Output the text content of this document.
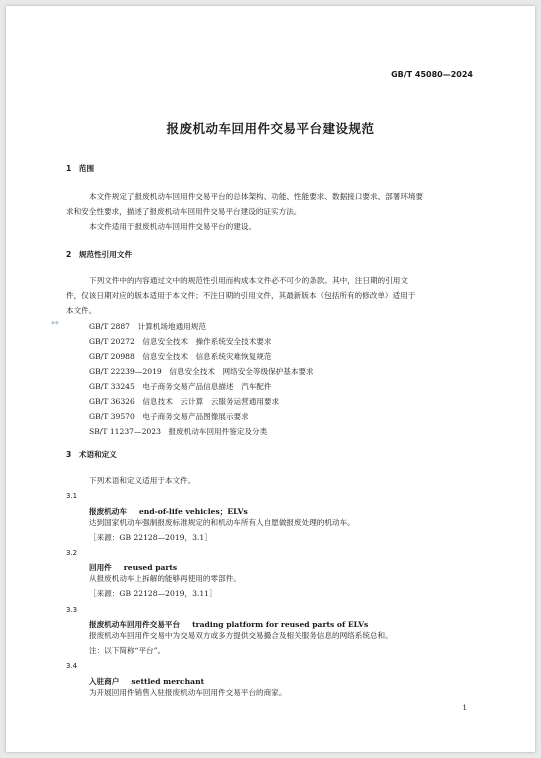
GB/T 45080—2024
报废机动车回用件交易平台建设规范
1　范围
本文件规定了报废机动车回用件交易平台的总体架构、功能、性能要求、数据接口要求、部署环境要
求和安全性要求，描述了报废机动车回用件交易平台建设的证实方法。
本文件适用于报废机动车回用件交易平台的建设。
2　规范性引用文件
下列文件中的内容通过文中的规范性引用而构成本文件必不可少的条款。其中，注日期的引用文
件，仅该日期对应的版本适用于本文件；不注日期的引用文件，其最新版本（包括所有的修改单）适用于
本文件。
◆◆	GB/T 2887　计算机场地通用规范
GB/T 20272　信息安全技术　操作系统安全技术要求
GB/T 20988　信息安全技术　信息系统灾难恢复规范
GB/T 22239—2019　信息安全技术　网络安全等级保护基本要求
GB/T 33245　电子商务交易产品信息描述　汽车配件
GB/T 36326　信息技术　云计算　云服务运营通用要求
GB/T 39570　电子商务交易产品图像展示要求
SB/T 11237—2023　报废机动车回用件鉴定及分类
3　术语和定义
下列术语和定义适用于本文件。
3.1
报废机动车 end-of-life vehicles；ELVs
达到国家机动车强制报废标准规定的和机动车所有人自愿做报废处理的机动车。
［来源：GB 22128—2019，3.1］
3.2
回用件 reused parts
从报废机动车上拆解的能够再使用的零部件。
［来源：GB 22128—2019，3.11］
3.3
报废机动车回用件交易平台 trading platform for reused parts of ELVs
报废机动车回用件交易中为交易双方或多方提供交易撮合及相关服务信息的网络系统总和。
注：以下简称“平台”。
3.4
入驻商户 settled merchant
为开展回用件销售入驻报废机动车回用件交易平台的商家。
1
